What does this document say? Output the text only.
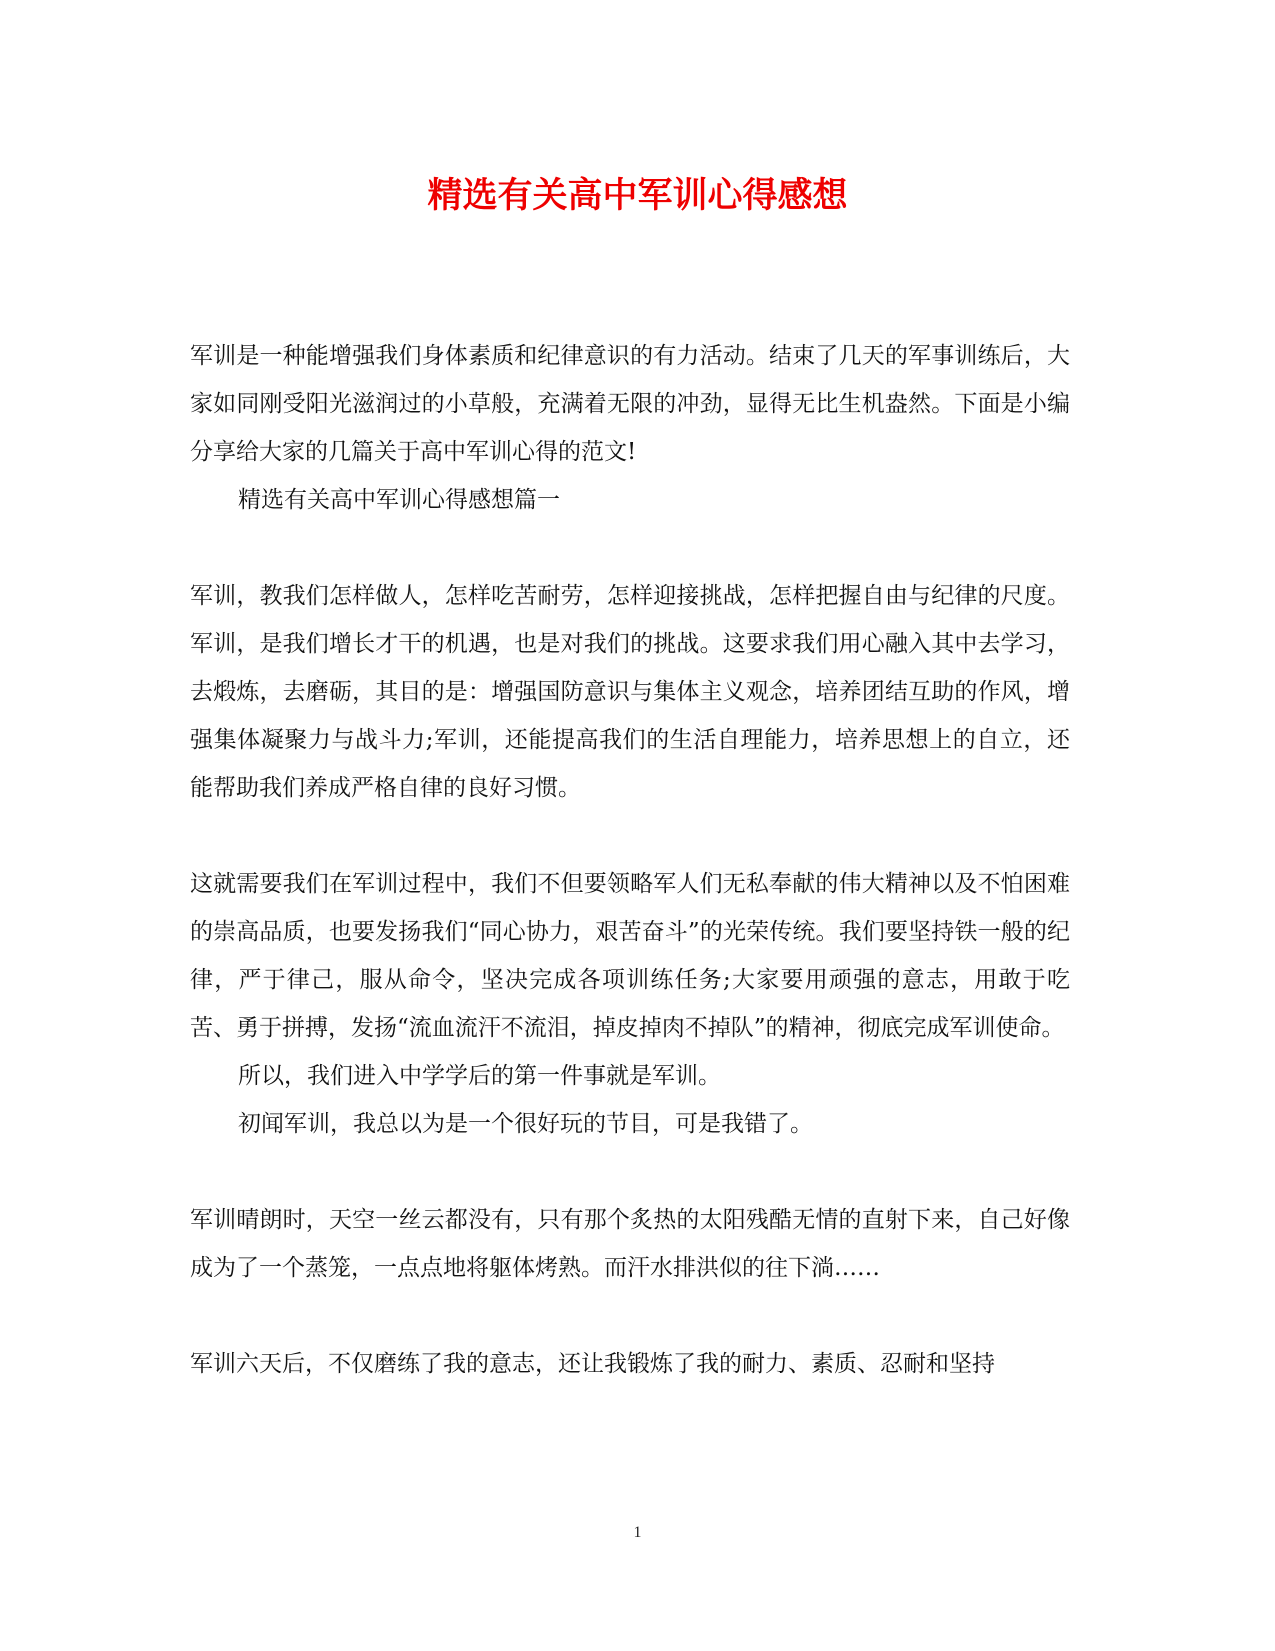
精选有关高中军训心得感想

军训是一种能增强我们身体素质和纪律意识的有力活动。结束了几天的军事训练后，大家如同刚受阳光滋润过的小草般，充满着无限的冲劲，显得无比生机盎然。下面是小编分享给大家的几篇关于高中军训心得的范文!

精选有关高中军训心得感想篇一

军训，教我们怎样做人，怎样吃苦耐劳，怎样迎接挑战，怎样把握自由与纪律的尺度。军训，是我们增长才干的机遇，也是对我们的挑战。这要求我们用心融入其中去学习，去煅炼，去磨砺，其目的是：增强国防意识与集体主义观念，培养团结互助的作风，增强集体凝聚力与战斗力;军训，还能提高我们的生活自理能力，培养思想上的自立，还能帮助我们养成严格自律的良好习惯。

这就需要我们在军训过程中，我们不但要领略军人们无私奉献的伟大精神以及不怕困难的崇高品质，也要发扬我们“同心协力，艰苦奋斗”的光荣传统。我们要坚持铁一般的纪律，严于律己，服从命令，坚决完成各项训练任务;大家要用顽强的意志，用敢于吃苦、勇于拼搏，发扬“流血流汗不流泪，掉皮掉肉不掉队”的精神，彻底完成军训使命。

所以，我们进入中学学后的第一件事就是军训。

初闻军训，我总以为是一个很好玩的节目，可是我错了。

军训晴朗时，天空一丝云都没有，只有那个炙热的太阳残酷无情的直射下来，自己好像成为了一个蒸笼，一点点地将躯体烤熟。而汗水排洪似的往下淌……

军训六天后，不仅磨练了我的意志，还让我锻炼了我的耐力、素质、忍耐和坚持

1
